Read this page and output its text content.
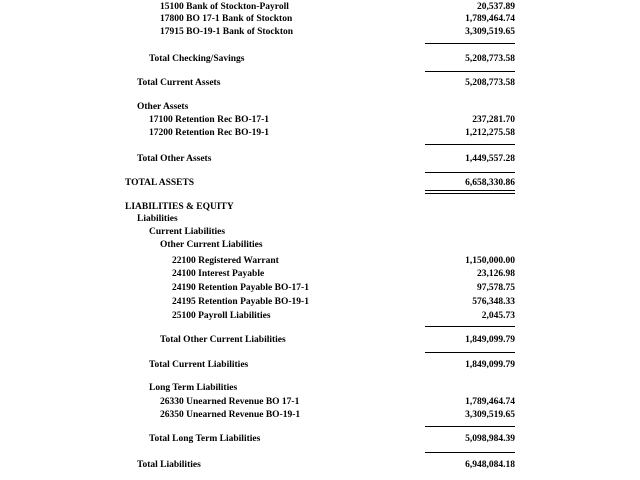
15100 Bank of Stockton-Payroll	20,537.89
17800 BO 17-1 Bank of Stockton	1,789,464.74
17915 BO-19-1 Bank of Stockton	3,309,519.65
Total Checking/Savings	5,208,773.58
Total Current Assets	5,208,773.58
Other Assets
17100 Retention Rec BO-17-1	237,281.70
17200 Retention Rec BO-19-1	1,212,275.58
Total Other Assets	1,449,557.28
TOTAL ASSETS	6,658,330.86
LIABILITIES & EQUITY
Liabilities
Current Liabilities
Other Current Liabilities
22100 Registered Warrant	1,150,000.00
24100 Interest Payable	23,126.98
24190 Retention Payable BO-17-1	97,578.75
24195 Retention Payable BO-19-1	576,348.33
25100 Payroll Liabilities	2,045.73
Total Other Current Liabilities	1,849,099.79
Total Current Liabilities	1,849,099.79
Long Term Liabilities
26330 Unearned Revenue BO 17-1	1,789,464.74
26350 Unearned Revenue BO-19-1	3,309,519.65
Total Long Term Liabilities	5,098,984.39
Total Liabilities	6,948,084.18
